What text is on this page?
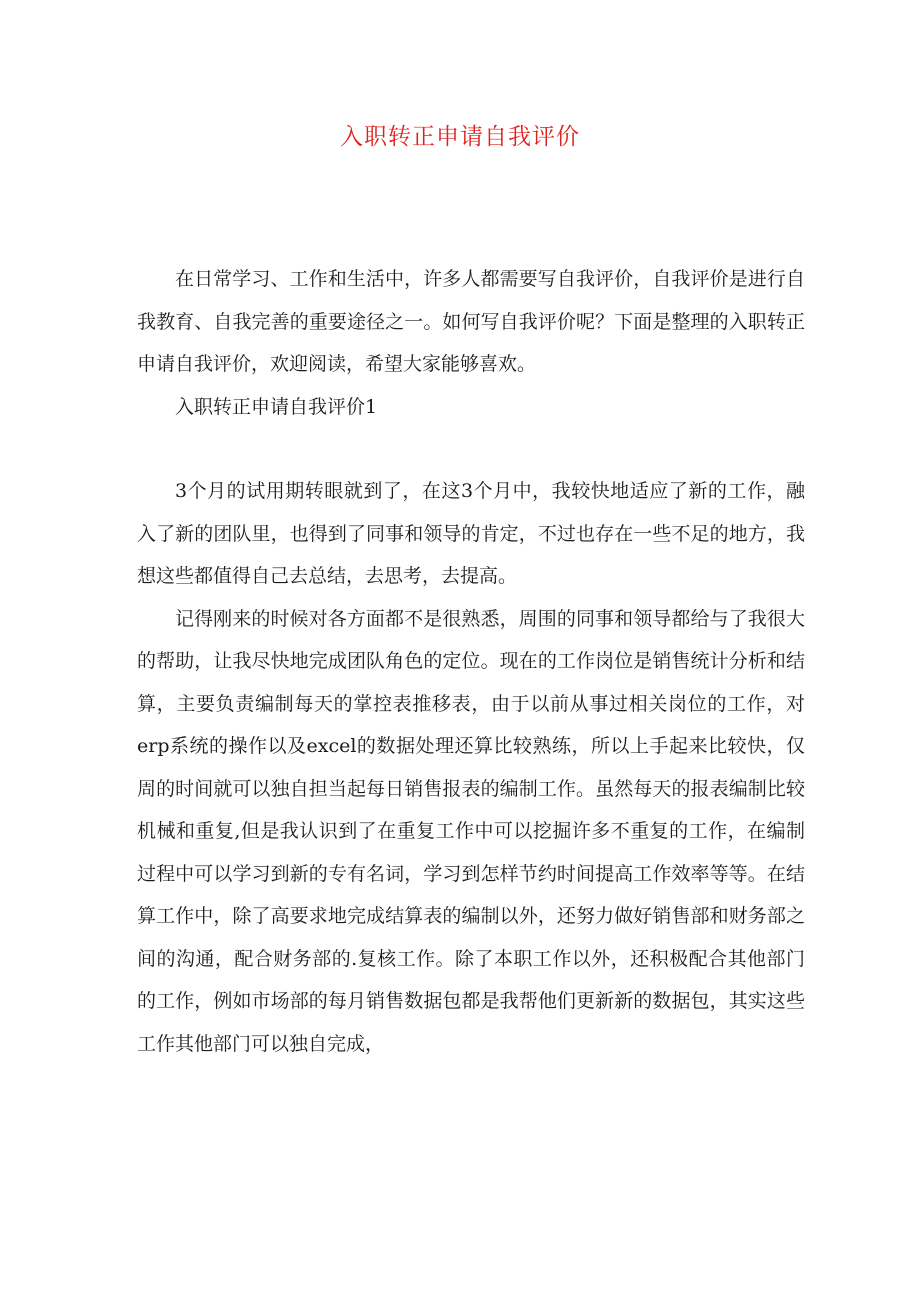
入职转正申请自我评价

在日常学习、工作和生活中，许多人都需要写自我评价，自我评价是进行自我教育、自我完善的重要途径之一。如何写自我评价呢？下面是整理的入职转正申请自我评价，欢迎阅读，希望大家能够喜欢。

入职转正申请自我评价1

3个月的试用期转眼就到了，在这3个月中，我较快地适应了新的工作，融入了新的团队里，也得到了同事和领导的肯定，不过也存在一些不足的地方，我想这些都值得自己去总结，去思考，去提高。

记得刚来的时候对各方面都不是很熟悉，周围的同事和领导都给与了我很大的帮助，让我尽快地完成团队角色的定位。现在的工作岗位是销售统计分析和结算，主要负责编制每天的掌控表推移表，由于以前从事过相关岗位的工作，对erp系统的操作以及excel的数据处理还算比较熟练，所以上手起来比较快，仅周的时间就可以独自担当起每日销售报表的编制工作。虽然每天的报表编制比较机械和重复,但是我认识到了在重复工作中可以挖掘许多不重复的工作，在编制过程中可以学习到新的专有名词，学习到怎样节约时间提高工作效率等等。在结算工作中，除了高要求地完成结算表的编制以外，还努力做好销售部和财务部之间的沟通，配合财务部的.复核工作。除了本职工作以外，还积极配合其他部门的工作，例如市场部的每月销售数据包都是我帮他们更新新的数据包，其实这些工作其他部门可以独自完成，
